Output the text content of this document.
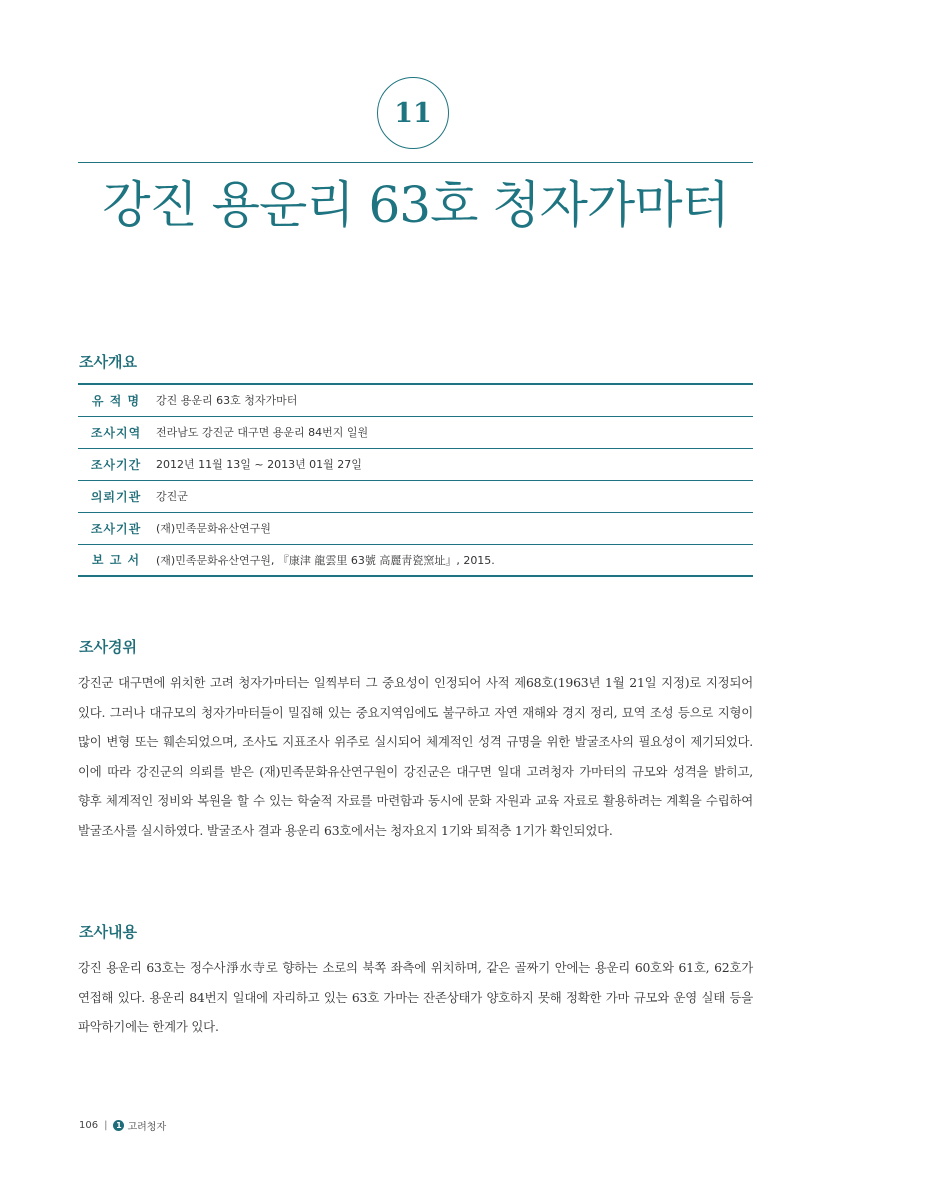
11
강진 용운리 63호 청자가마터
조사개요
유 적 명	강진 용운리 63호 청자가마터
조사지역	전라남도 강진군 대구면 용운리 84번지 일원
조사기간	2012년 11월 13일 ~ 2013년 01월 27일
의뢰기관	강진군
조사기관	(재)민족문화유산연구원
보 고 서	(재)민족문화유산연구원, 『康津 龍雲里 63號 高麗靑瓷窯址』, 2015.
조사경위

강진군 대구면에 위치한 고려 청자가마터는 일찍부터 그 중요성이 인정되어 사적 제68호(1963년 1월 21일 지정)로 지정되어 있다. 그러나 대규모의 청자가마터들이 밀집해 있는 중요지역임에도 불구하고 자연 재해와 경지 정리, 묘역 조성 등으로 지형이 많이 변형 또는 훼손되었으며, 조사도 지표조사 위주로 실시되어 체계적인 성격 규명을 위한 발굴조사의 필요성이 제기되었다. 이에 따라 강진군의 의뢰를 받은 (재)민족문화유산연구원이 강진군은 대구면 일대 고려청자 가마터의 규모와 성격을 밝히고, 향후 체계적인 정비와 복원을 할 수 있는 학술적 자료를 마련함과 동시에 문화 자원과 교육 자료로 활용하려는 계획을 수립하여 발굴조사를 실시하였다. 발굴조사 결과 용운리 63호에서는 청자요지 1기와 퇴적층 1기가 확인되었다.

조사내용

강진 용운리 63호는 정수사淨水寺로 향하는 소로의 북쪽 좌측에 위치하며, 같은 골짜기 안에는 용운리 60호와 61호, 62호가 연접해 있다. 용운리 84번지 일대에 자리하고 있는 63호 가마는 잔존상태가 양호하지 못해 정확한 가마 규모와 운영 실태 등을 파악하기에는 한계가 있다.

106 |	1 고려청자
